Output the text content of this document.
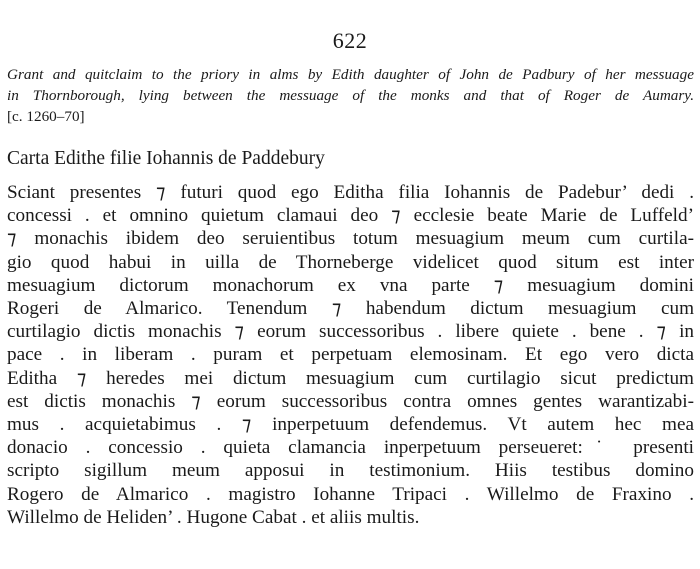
622
Grant and quitclaim to the priory in alms by Edith daughter of John de Padbury of her messuage
in Thornborough, lying between the messuage of the monks and that of Roger de Aumary.
[c. 1260–70]
Carta Edithe filie Iohannis de Paddebury
Sciant presentes ⁊ futuri quod ego Editha filia Iohannis de Padebur’ dedi .
concessi . et omnino quietum clamaui deo ⁊ ecclesie beate Marie de Luffeld’
⁊ monachis ibidem deo seruientibus totum mesuagium meum cum curtila-
gio quod habui in uilla de Thorneberge videlicet quod situm est inter
mesuagium dictorum monachorum ex vna parte ⁊ mesuagium domini
Rogeri de Almarico. Tenendum ⁊ habendum dictum mesuagium cum
curtilagio dictis monachis ⁊ eorum successoribus . libere quiete . bene . ⁊ in
pace . in liberam . puram et perpetuam elemosinam. Et ego vero dicta
Editha ⁊ heredes mei dictum mesuagium cum curtilagio sicut predictum
est dictis monachis ⁊ eorum successoribus contra omnes gentes warantizabi-
mus . acquietabimus . ⁊ inperpetuum defendemus. Vt autem hec mea
donacio . concessio . quieta clamancia inperpetuum perseueret:˙ presenti
scripto sigillum meum apposui in testimonium. Hiis testibus domino
Rogero de Almarico . magistro Iohanne Tripaci . Willelmo de Fraxino .
Willelmo de Heliden’ . Hugone Cabat . et aliis multis.
